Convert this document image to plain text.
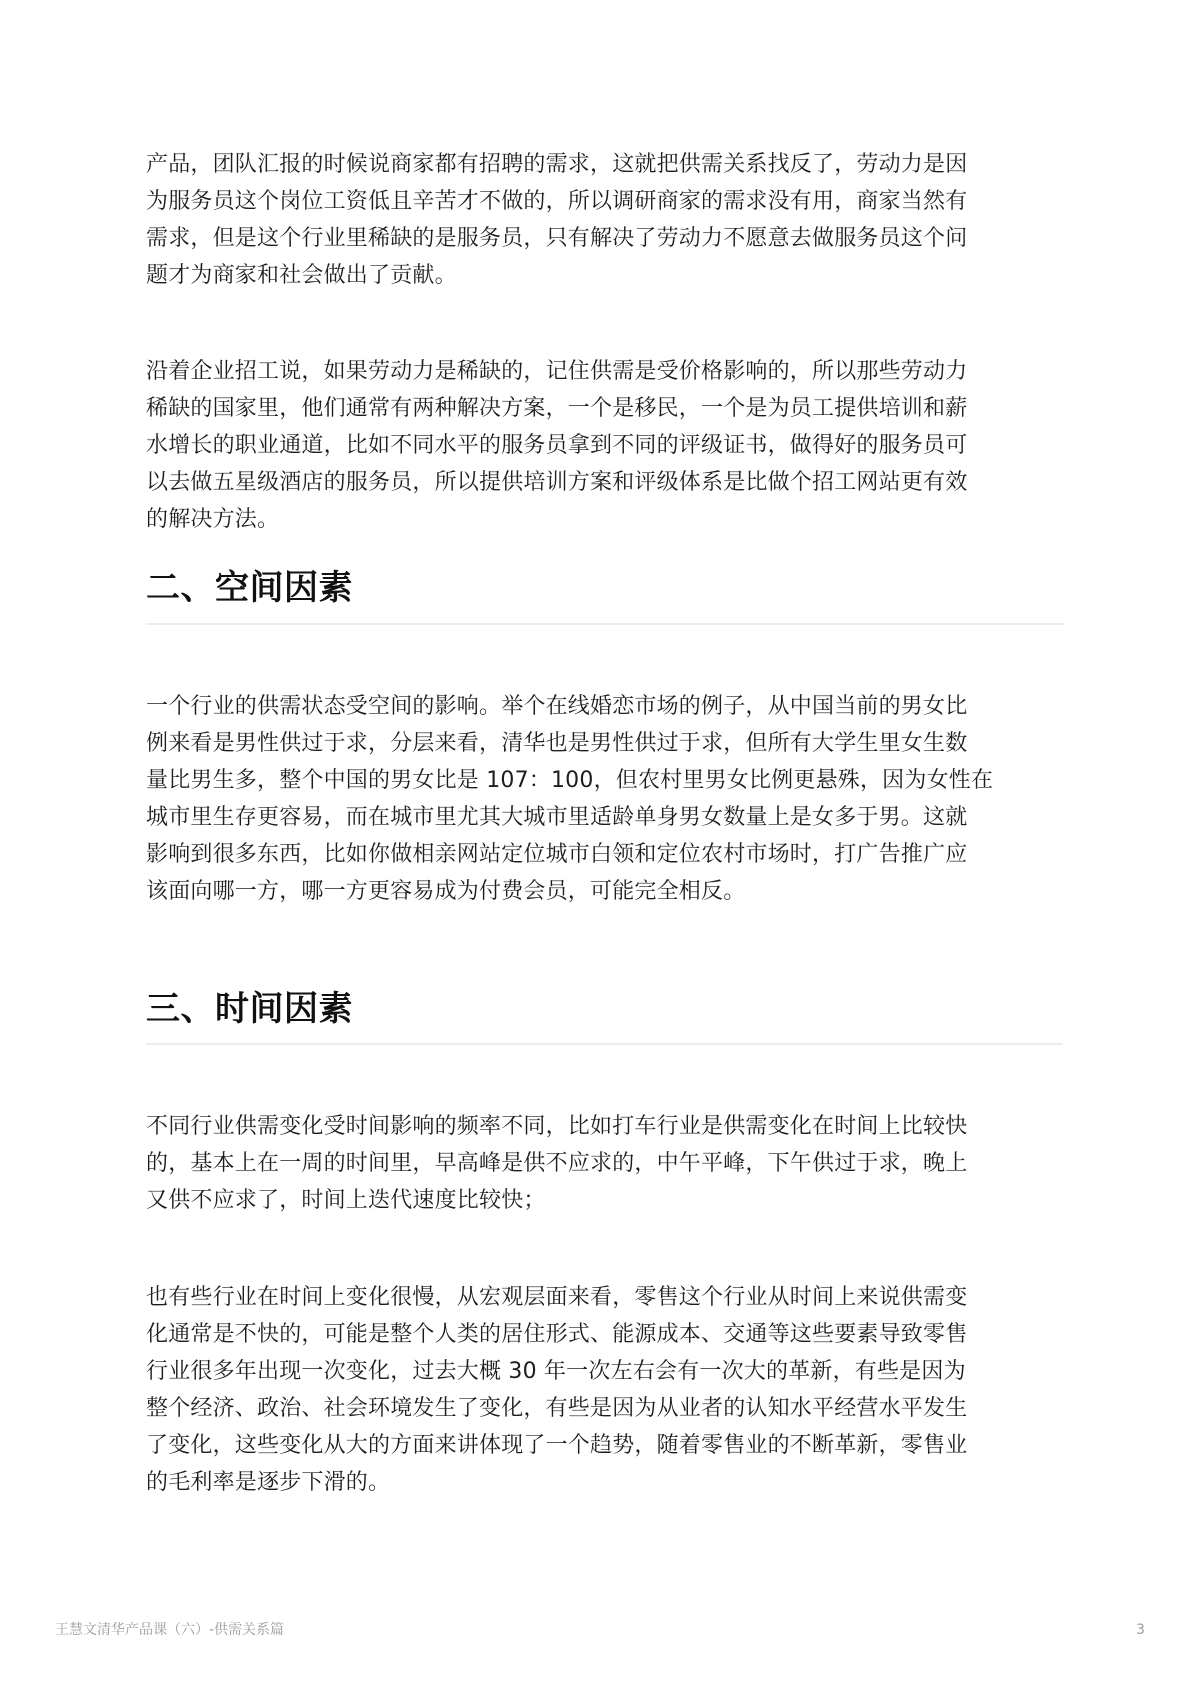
产品，团队汇报的时候说商家都有招聘的需求，这就把供需关系找反了，劳动力是因
为服务员这个岗位工资低且辛苦才不做的，所以调研商家的需求没有用，商家当然有
需求，但是这个行业里稀缺的是服务员，只有解决了劳动力不愿意去做服务员这个问
题才为商家和社会做出了贡献。

沿着企业招工说，如果劳动力是稀缺的，记住供需是受价格影响的，所以那些劳动力
稀缺的国家里，他们通常有两种解决方案，一个是移民，一个是为员工提供培训和薪
水增长的职业通道，比如不同水平的服务员拿到不同的评级证书，做得好的服务员可
以去做五星级酒店的服务员，所以提供培训方案和评级体系是比做个招工网站更有效
的解决方法。

二、空间因素

一个行业的供需状态受空间的影响。举个在线婚恋市场的例子，从中国当前的男女比
例来看是男性供过于求，分层来看，清华也是男性供过于求，但所有大学生里女生数
量比男生多，整个中国的男女比是 107：100，但农村里男女比例更悬殊，因为女性在
城市里生存更容易，而在城市里尤其大城市里适龄单身男女数量上是女多于男。这就
影响到很多东西，比如你做相亲网站定位城市白领和定位农村市场时，打广告推广应
该面向哪一方，哪一方更容易成为付费会员，可能完全相反。

三、时间因素

不同行业供需变化受时间影响的频率不同，比如打车行业是供需变化在时间上比较快
的，基本上在一周的时间里，早高峰是供不应求的，中午平峰，下午供过于求，晚上
又供不应求了，时间上迭代速度比较快；

也有些行业在时间上变化很慢，从宏观层面来看，零售这个行业从时间上来说供需变
化通常是不快的，可能是整个人类的居住形式、能源成本、交通等这些要素导致零售
行业很多年出现一次变化，过去大概 30 年一次左右会有一次大的革新，有些是因为
整个经济、政治、社会环境发生了变化，有些是因为从业者的认知水平经营水平发生
了变化，这些变化从大的方面来讲体现了一个趋势，随着零售业的不断革新，零售业
的毛利率是逐步下滑的。

王慧文清华产品课（六）-供需关系篇	3
